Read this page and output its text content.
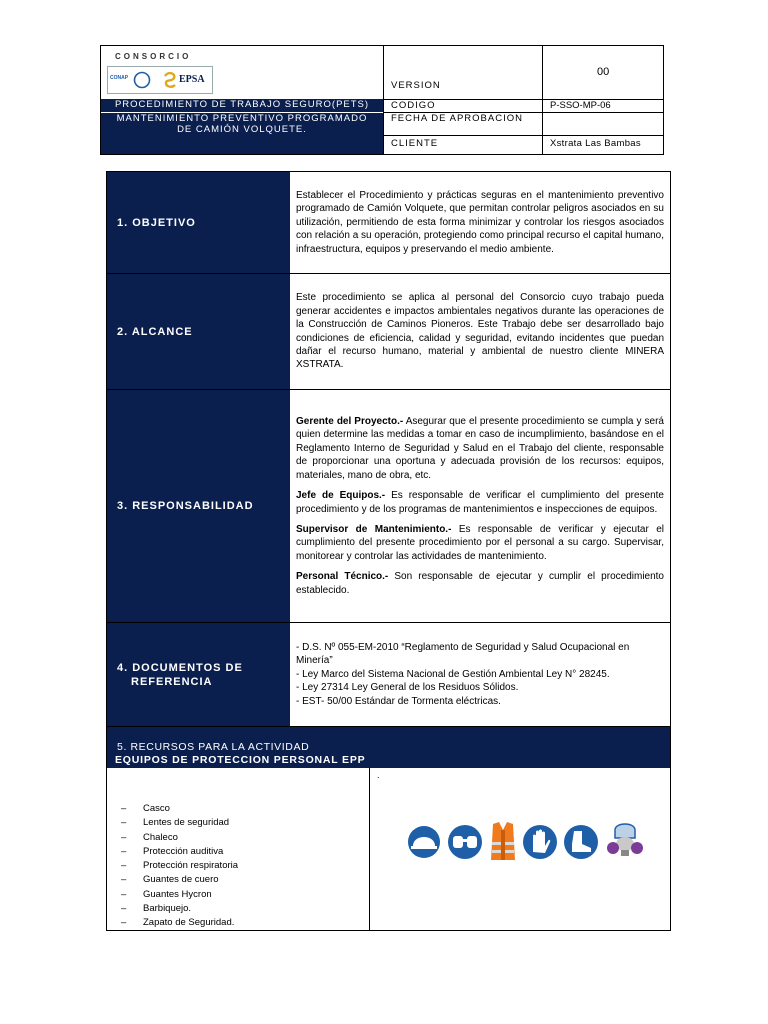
CONSORCIO
CONAP	EPSA
VERSION
00
PROCEDIMIENTO DE TRABAJO SEGURO(PETS)
MANTENIMIENTO PREVENTIVO PROGRAMADO DE CAMIÓN VOLQUETE.
CODIGO
FECHA DE APROBACION
CLIENTE
P-SSO-MP-06
Xstrata Las Bambas
1. OBJETIVO

Establecer el Procedimiento y prácticas seguras en el mantenimiento preventivo programado de Camión Volquete, que permitan controlar peligros asociados en su utilización, permitiendo de esta forma minimizar y controlar los riesgos asociados con relación a su operación, protegiendo como principal recurso el capital humano, infraestructura, equipos y preservando el medio ambiente.

2. ALCANCE

Este procedimiento se aplica al personal del Consorcio cuyo trabajo pueda generar accidentes e impactos ambientales negativos durante las operaciones de la Construcción de Caminos Pioneros. Este Trabajo debe ser desarrollado bajo condiciones de eficiencia, calidad y seguridad, evitando incidentes que puedan dañar el recurso humano, material y ambiental de nuestro cliente MINERA XSTRATA.

3. RESPONSABILIDAD

Gerente del Proyecto.- Asegurar que el presente procedimiento se cumpla y será quien determine las medidas a tomar en caso de incumplimiento, basándose en el Reglamento Interno de Seguridad y Salud en el Trabajo del cliente, responsable de proporcionar una oportuna y adecuada provisión de los recursos: equipos, materiales, mano de obra, etc.

Jefe de Equipos.- Es responsable de verificar el cumplimiento del presente procedimiento y de los programas de mantenimientos e inspecciones de equipos.

Supervisor de Mantenimiento.- Es responsable de verificar y ejecutar el cumplimiento del presente procedimiento por el personal a su cargo. Supervisar, monitorear y controlar las actividades de mantenimiento.

Personal Técnico.- Son responsable de ejecutar y cumplir el procedimiento establecido.

4. DOCUMENTOS DE
REFERENCIA
- D.S. Nº 055-EM-2010 “Reglamento de Seguridad y Salud Ocupacional en Minería”
- Ley Marco del Sistema Nacional de Gestión Ambiental Ley N° 28245.
- Ley 27314 Ley General de los Residuos Sólidos.
- EST- 50/00 Estándar de Tormenta eléctricas.
5. RECURSOS PARA LA ACTIVIDAD
EQUIPOS DE PROTECCION PERSONAL EPP
– Casco
– Lentes de seguridad
– Chaleco
– Protección auditiva
– Protección respiratoria
– Guantes de cuero
– Guantes Hycron
– Barbiquejo.
– Zapato de Seguridad.
.
